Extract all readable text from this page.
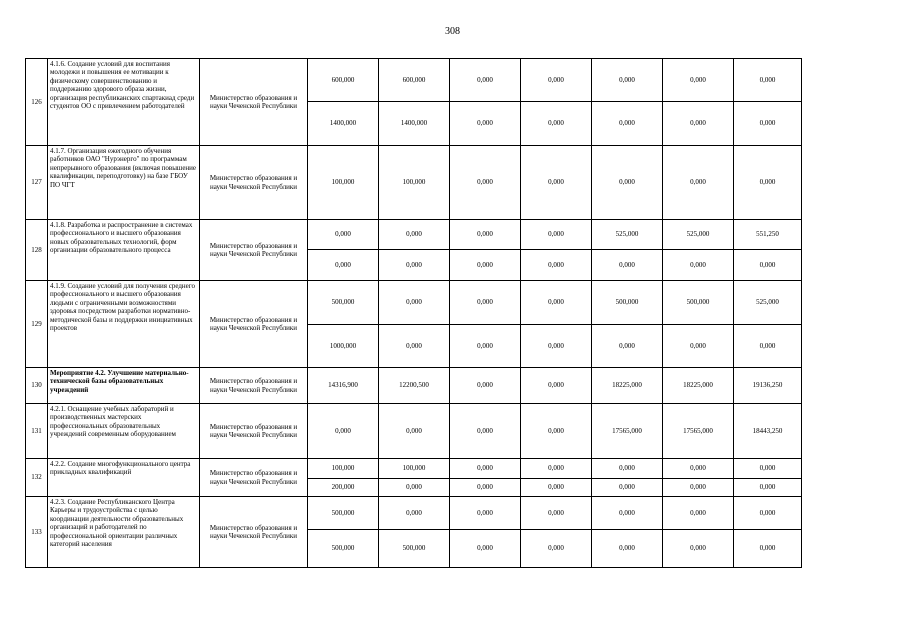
308
126	4.1.6. Создание условий для воспитания молодежи и повышения ее мотивации к физическому совершенствованию и поддержанию здорового образа жизни, организация республиканских спартакиад среди студентов ОО с привлечением работодателей	Министерство образования и науки Чеченской Республики	600,000	600,000	0,000	0,000	0,000	0,000	0,000
			1400,000	1400,000	0,000	0,000	0,000	0,000	0,000
127	4.1.7. Организация ежегодного обучения работников ОАО "Нурэнерго" по программам непрерывного образования (включая повышение квалификации, переподготовку) на базе ГБОУ ПО ЧГТ	Министерство образования и науки Чеченской Республики	100,000	100,000	0,000	0,000	0,000	0,000	0,000
128	4.1.8. Разработка и распространение в системах профессионального и высшего образования новых образовательных технологий, форм организации образовательного процесса	Министерство образования и науки Чеченской Республики	0,000	0,000	0,000	0,000	525,000	525,000	551,250
			0,000	0,000	0,000	0,000	0,000	0,000	0,000
129	4.1.9. Создание условий для получения среднего профессионального и высшего образования людьми с ограниченными возможностями здоровья посредством разработки нормативно-методической базы и поддержки инициативных проектов	Министерство образования и науки Чеченской Республики	500,000	0,000	0,000	0,000	500,000	500,000	525,000
			1000,000	0,000	0,000	0,000	0,000	0,000	0,000
130	Мероприятие 4.2. Улучшение материально-технической базы образовательных учреждений	Министерство образования и науки Чеченской Республики	14316,900	12200,500	0,000	0,000	18225,000	18225,000	19136,250
131	4.2.1. Оснащение учебных лабораторий и производственных мастерских профессиональных образовательных учреждений современным оборудованием	Министерство образования и науки Чеченской Республики	0,000	0,000	0,000	0,000	17565,000	17565,000	18443,250
132	4.2.2. Создание многофункционального центра прикладных квалификаций	Министерство образования и науки Чеченской Республики	100,000	100,000	0,000	0,000	0,000	0,000	0,000
			200,000	0,000	0,000	0,000	0,000	0,000	0,000
133	4.2.3. Создание Республиканского Центра Карьеры и трудоустройства с целью координации деятельности образовательных организаций и работодателей по профессиональной ориентации различных категорий населения	Министерство образования и науки Чеченской Республики	500,000	0,000	0,000	0,000	0,000	0,000	0,000
			500,000	500,000	0,000	0,000	0,000	0,000	0,000
